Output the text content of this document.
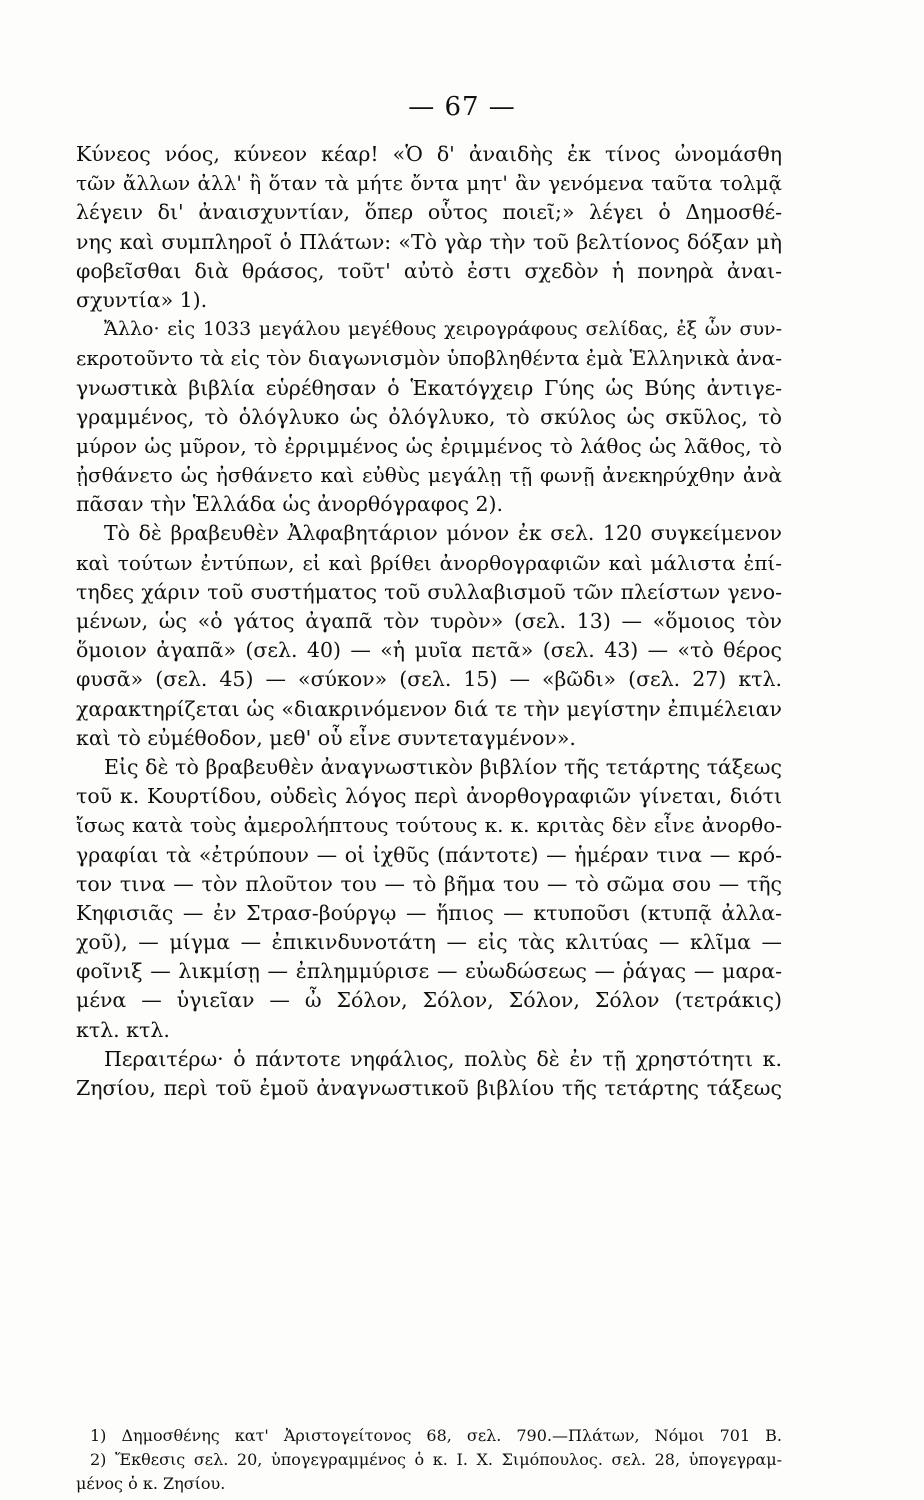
— 67 —
Κύνεος νόος, κύνεον κέαρ! «Ὁ δ' ἀναιδὴς ἐκ τίνος ὠνομάσθη
τῶν ἄλλων ἀλλ' ἢ ὅταν τὰ μήτε ὄντα μητ' ἂν γενόμενα ταῦτα τολμᾷ
λέγειν δι' ἀναισχυντίαν, ὅπερ οὗτος ποιεῖ;» λέγει ὁ Δημοσθέ-
νης καὶ συμπληροῖ ὁ Πλάτων: «Τὸ γὰρ τὴν τοῦ βελτίονος δόξαν μὴ
φοβεῖσθαι διὰ θράσος, τοῦτ' αὐτὸ ἐστι σχεδὸν ἡ πονηρὰ ἀναι-
σχυντία» 1).
Ἄλλο· εἰς 1033 μεγάλου μεγέθους χειρογράφους σελίδας, ἐξ ὧν συν-
εκροτοῦντο τὰ εἰς τὸν διαγωνισμὸν ὑποβληθέντα ἐμὰ Ἑλληνικὰ ἀνα-
γνωστικὰ βιβλία εὑρέθησαν ὁ Ἑκατόγχειρ Γύης ὡς Βύης ἀντιγε-
γραμμένος, τὸ ὁλόγλυκο ὡς ὀλόγλυκο, τὸ σκύλος ὡς σκῦλος, τὸ
μύρον ὡς μῦρον, τὸ ἐρριμμένος ὡς ἐριμμένος τὸ λάθος ὡς λᾶθος, τὸ
ᾐσθάνετο ὡς ἠσθάνετο καὶ εὐθὺς μεγάλῃ τῇ φωνῇ ἀνεκηρύχθην ἀνὰ
πᾶσαν τὴν Ἑλλάδα ὡς ἀνορθόγραφος 2).
Τὸ δὲ βραβευθὲν Ἀλφαβητάριον μόνον ἐκ σελ. 120 συγκείμενον
καὶ τούτων ἐντύπων, εἰ καὶ βρίθει ἀνορθογραφιῶν καὶ μάλιστα ἐπί-
τηδες χάριν τοῦ συστήματος τοῦ συλλαβισμοῦ τῶν πλείστων γενο-
μένων, ὡς «ὁ γάτος ἀγαπᾶ τὸν τυρὸν» (σελ. 13) — «ὅμοιος τὸν
ὅμοιον ἀγαπᾶ» (σελ. 40) — «ἡ μυῖα πετᾶ» (σελ. 43) — «τὸ θέρος
φυσᾶ» (σελ. 45) — «σύκον» (σελ. 15) — «βῶδι» (σελ. 27) κτλ.
χαρακτηρίζεται ὡς «διακρινόμενον διά τε τὴν μεγίστην ἐπιμέλειαν
καὶ τὸ εὐμέθοδον, μεθ' οὗ εἶνε συντεταγμένον».
Εἰς δὲ τὸ βραβευθὲν ἀναγνωστικὸν βιβλίον τῆς τετάρτης τάξεως
τοῦ κ. Κουρτίδου, οὐδεὶς λόγος περὶ ἀνορθογραφιῶν γίνεται, διότι
ἴσως κατὰ τοὺς ἀμερολήπτους τούτους κ. κ. κριτὰς δὲν εἶνε ἀνορθο-
γραφίαι τὰ «ἐτρύπουν — οἱ ἰχθῦς (πάντοτε) — ἡμέραν τινα — κρό-
τον τινα — τὸν πλοῦτον του — τὸ βῆμα του — τὸ σῶμα σου — τῆς
Κηφισιᾶς — ἐν Στρασ-βούργῳ — ἥπιος — κτυποῦσι (κτυπᾷ ἀλλα-
χοῦ), — μίγμα — ἐπικινδυνοτάτη — εἰς τὰς κλιτύας — κλῖμα —
φοῖνιξ — λικμίσῃ — ἐπλημμύρισε — εὐωδώσεως — ῥάγας — μαρα-
μένα — ὑγιεῖαν — ὦ Σόλον, Σόλον, Σόλον, Σόλον (τετράκις)
κτλ. κτλ.
Περαιτέρω· ὁ πάντοτε νηφάλιος, πολὺς δὲ ἐν τῇ χρηστότητι κ.
Ζησίου, περὶ τοῦ ἐμοῦ ἀναγνωστικοῦ βιβλίου τῆς τετάρτης τάξεως
1) Δημοσθένης κατ' Ἀριστογείτονος 68, σελ. 790.—Πλάτων, Νόμοι 701 Β.
2) Ἔκθεσις σελ. 20, ὑπογεγραμμένος ὁ κ. Ι. Χ. Σιμόπουλος. σελ. 28, ὑπογεγραμ-
μένος ὁ κ. Ζησίου.
